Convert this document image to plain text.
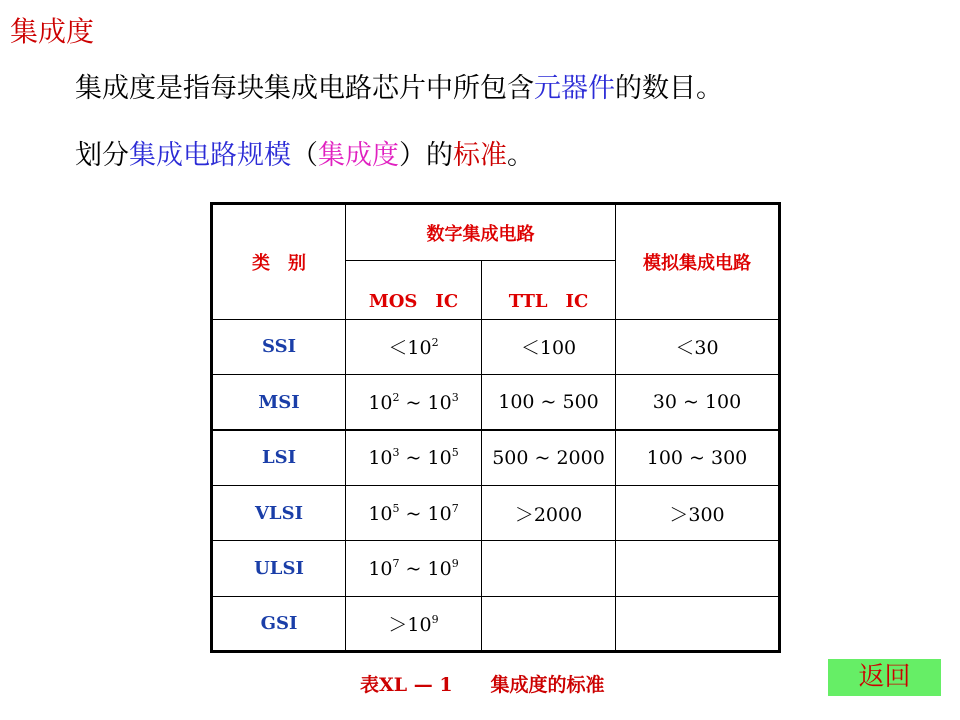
集成度
集成度是指每块集成电路芯片中所包含元器件的数目。
划分集成电路规模（集成度）的标准。
类　别	数字集成电路		模拟集成电路
	MOS　IC	TTL　IC	
SSI	$<10^2$	＜100	＜30
MSI	$10^2$ ~ $10^3$	100 ~ 500	30 ~ 100
LSI	$10^3$ ~ $10^5$	500 ~ 2000	100 ~ 300
VLSI	$10^5$ ~ $10^7$	＞2000	＞300
ULSI	$10^7$ ~ $10^9$		
GSI	$>10^9$		
表XL — 1　　集成度的标准	返回
